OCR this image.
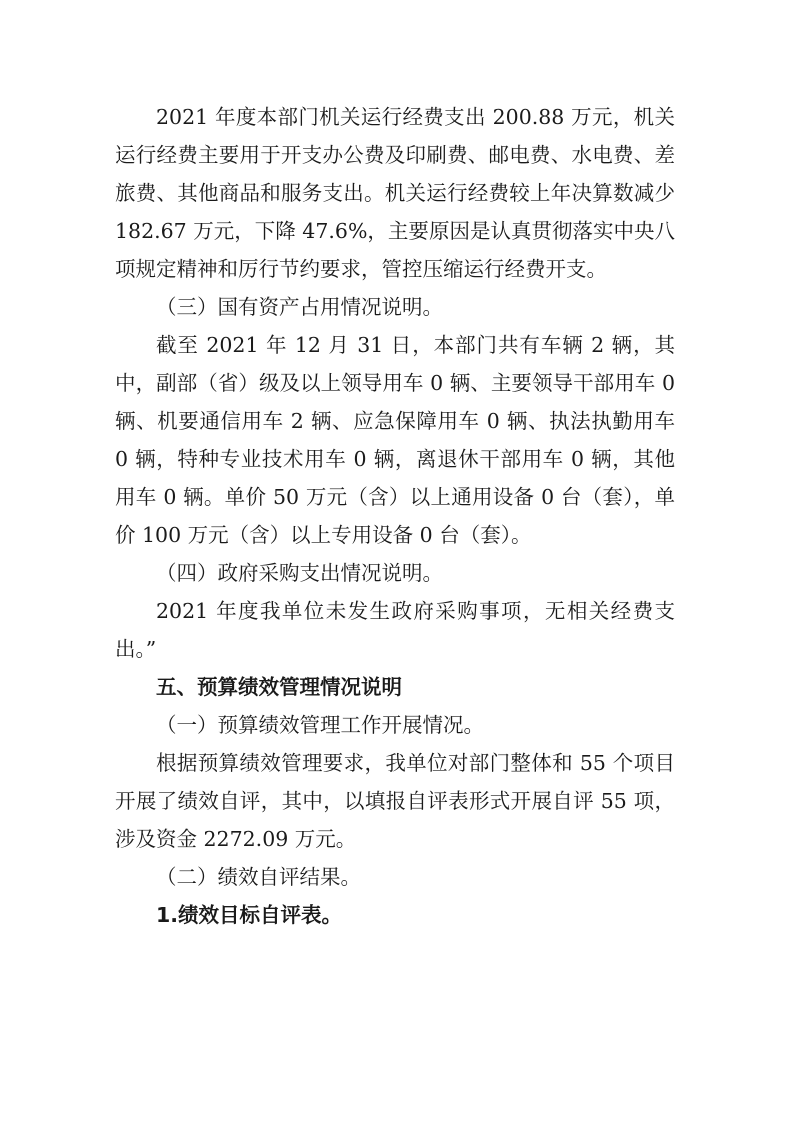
2021 年度本部门机关运行经费支出 200.88 万元，机关运行经费主要用于开支办公费及印刷费、邮电费、水电费、差旅费、其他商品和服务支出。机关运行经费较上年决算数减少 182.67 万元，下降 47.6%，主要原因是认真贯彻落实中央八项规定精神和厉行节约要求，管控压缩运行经费开支。

（三）国有资产占用情况说明。

截至 2021 年 12 月 31 日，本部门共有车辆 2 辆，其中，副部（省）级及以上领导用车 0 辆、主要领导干部用车 0 辆、机要通信用车 2 辆、应急保障用车 0 辆、执法执勤用车 0 辆，特种专业技术用车 0 辆，离退休干部用车 0 辆，其他用车 0 辆。单价 50 万元（含）以上通用设备 0 台（套），单价 100 万元（含）以上专用设备 0 台（套）。

（四）政府采购支出情况说明。

2021 年度我单位未发生政府采购事项，无相关经费支出。”

五、预算绩效管理情况说明

（一）预算绩效管理工作开展情况。

根据预算绩效管理要求，我单位对部门整体和 55 个项目开展了绩效自评，其中，以填报自评表形式开展自评 55 项，涉及资金 2272.09 万元。

（二）绩效自评结果。

1.绩效目标自评表。
